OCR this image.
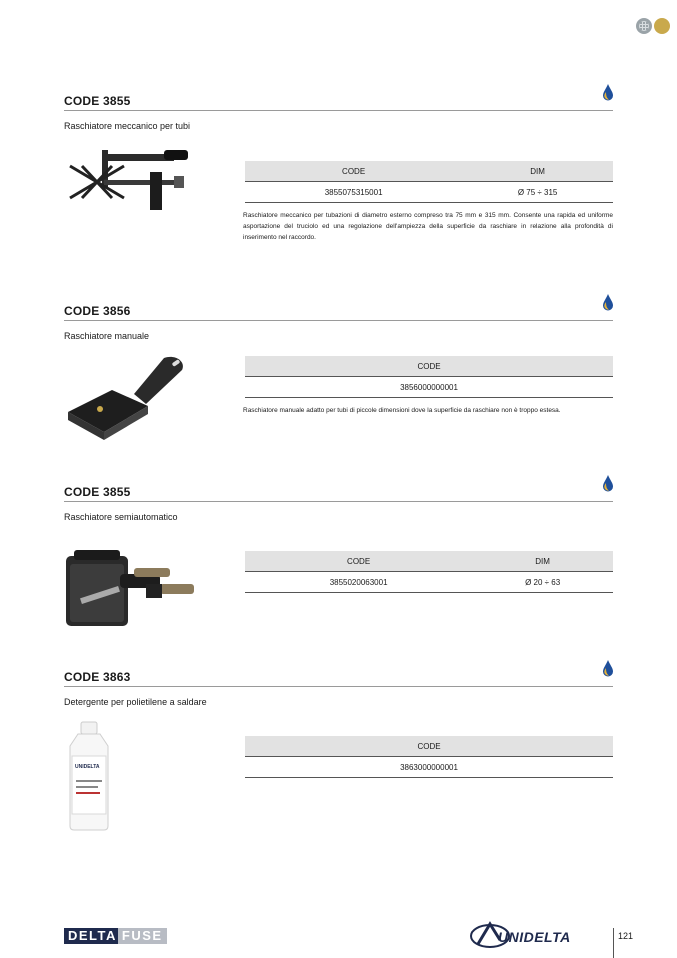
CODE 3855
Raschiatore meccanico per tubi
CODE	DIM
3855075315001	Ø 75 ÷ 315
Raschiatore meccanico per tubazioni di diametro esterno compreso tra 75 mm e 315 mm. Consente una rapida ed uniforme asportazione del truciolo ed una regolazione dell'ampiezza della superficie da raschiare in relazione alla profondità di inserimento nel raccordo.
CODE 3856
Raschiatore manuale
CODE
3856000000001
Raschiatore manuale adatto per tubi di piccole dimensioni dove la superficie da raschiare non è troppo estesa.
CODE 3855
Raschiatore semiautomatico
CODE	DIM
3855020063001	Ø 20 ÷ 63
CODE 3863
Detergente per polietilene a saldare
UNIDELTA
CODE
3863000000001
DELTA FUSE	UNIDELTA	121
